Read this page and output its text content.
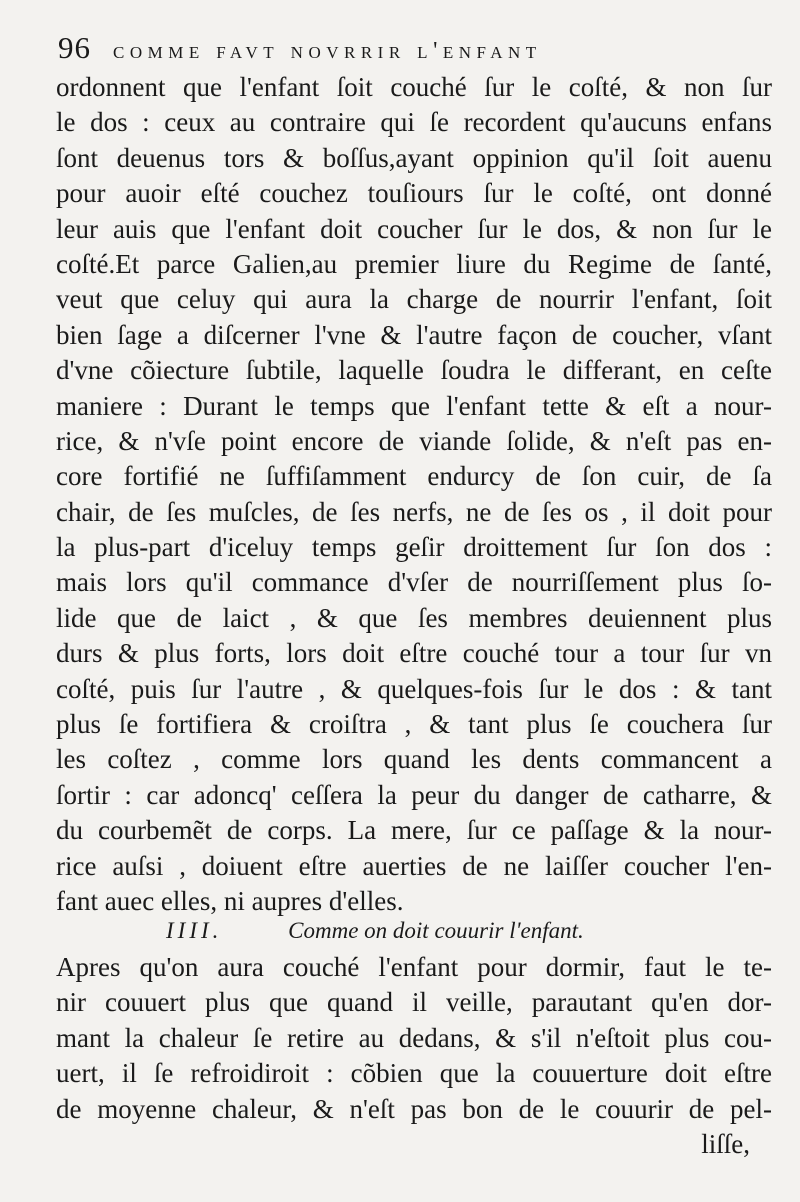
96 comme favt novrrir l'enfant
ordonnent que l'enfant ſoit couché ſur le coſté, & non ſur
le dos : ceux au contraire qui ſe recordent qu'aucuns enfans
ſont deuenus tors & boſſus,ayant oppinion qu'il ſoit auenu
pour auoir eſté couchez touſiours ſur le coſté, ont donné
leur auis que l'enfant doit coucher ſur le dos, & non ſur le
coſté.Et parce Galien,au premier liure du Regime de ſanté,
veut que celuy qui aura la charge de nourrir l'enfant, ſoit
bien ſage a diſcerner l'vne & l'autre façon de coucher, vſant
d'vne cõiecture ſubtile, laquelle ſoudra le differant, en ceſte
maniere : Durant le temps que l'enfant tette & eſt a nour-
rice, & n'vſe point encore de viande ſolide, & n'eſt pas en-
core fortifié ne ſuffiſamment endurcy de ſon cuir, de ſa
chair, de ſes muſcles, de ſes nerfs, ne de ſes os , il doit pour
la plus-part d'iceluy temps geſir droittement ſur ſon dos :
mais lors qu'il commance d'vſer de nourriſſement plus ſo-
lide que de laict , & que ſes membres deuiennent plus
durs & plus forts, lors doit eſtre couché tour a tour ſur vn
coſté, puis ſur l'autre , & quelques-fois ſur le dos : & tant
plus ſe fortifiera & croiſtra , & tant plus ſe couchera ſur
les coſtez , comme lors quand les dents commancent a
ſortir : car adoncq' ceſſera la peur du danger de catharre, &
du courbemẽt de corps. La mere, ſur ce paſſage & la nour-
rice auſsi , doiuent eſtre auerties de ne laiſſer coucher l'en-
fant auec elles, ni aupres d'elles.
IIII.	Comme on doit couurir l'enfant.
Apres qu'on aura couché l'enfant pour dormir, faut le te-
nir couuert plus que quand il veille, parautant qu'en dor-
mant la chaleur ſe retire au dedans, & s'il n'eſtoit plus cou-
uert, il ſe refroidiroit : cõbien que la couuerture doit eſtre
de moyenne chaleur, & n'eſt pas bon de le couurir de pel-
liſſe,
